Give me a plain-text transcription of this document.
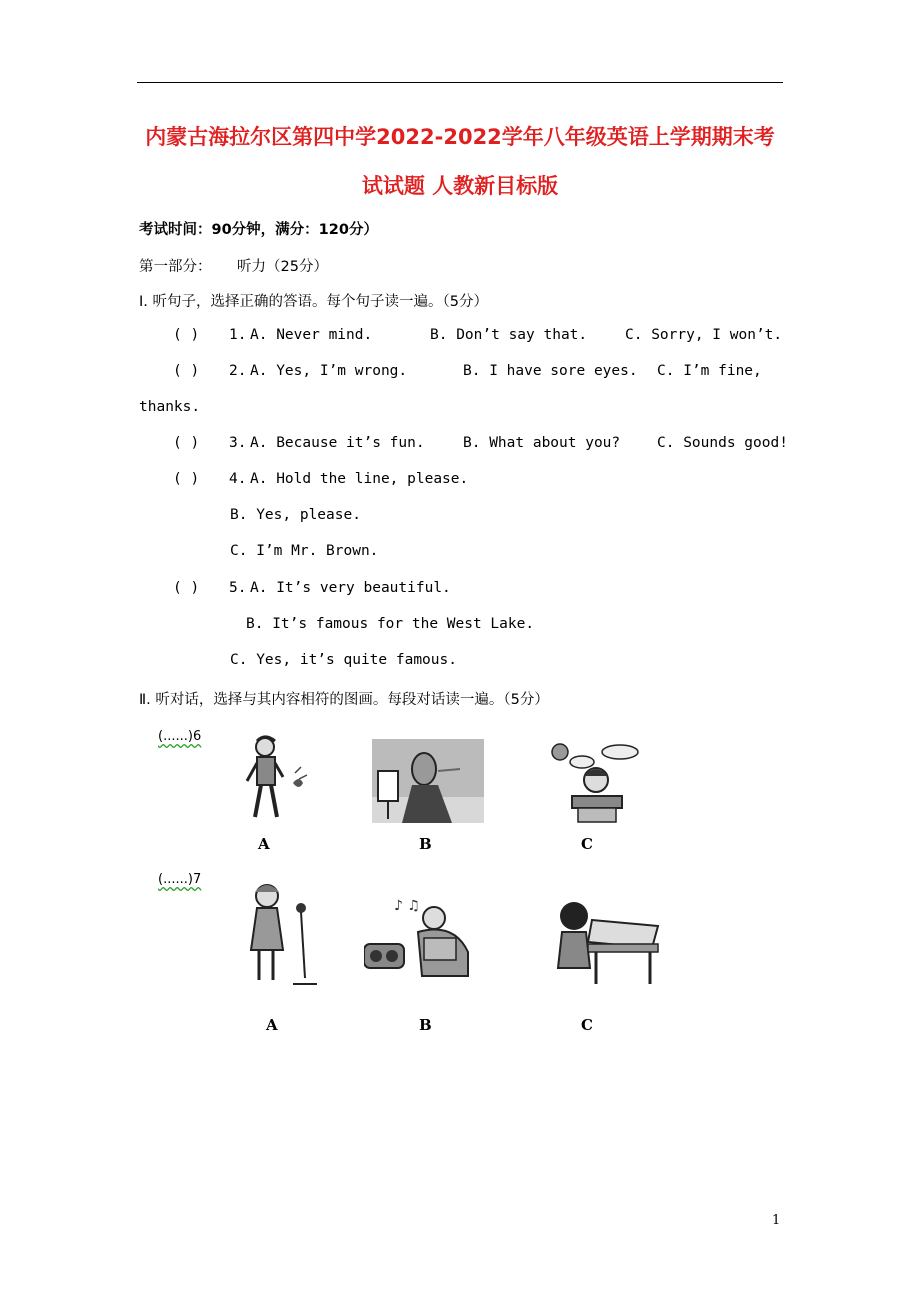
内蒙古海拉尔区第四中学2022-2022学年八年级英语上学期期末考
试试题 人教新目标版
考试时间：90分钟，满分：120分）
第一部分： 听力（25分）
Ⅰ. 听句子，选择正确的答语。每个句子读一遍。（5分）
( ) 1. A. Never mind.	B. Don’t say that.	C. Sorry, I won’t.
( ) 2. A. Yes, I’m wrong.	B. I have sore eyes. C. I’m fine,
thanks.
( ) 3. A. Because it’s fun.	B. What about you?	C. Sounds good!
( ) 4. A. Hold the line, please.
B. Yes, please.
C. I’m Mr. Brown.
( ) 5. A. It’s very beautiful.
B. It’s famous for the West Lake.
C. Yes, it’s quite famous.
Ⅱ. 听对话，选择与其内容相符的图画。每段对话读一遍。（5分）
(......)6
A	B	C
(......)7
♪ ♫
A	B	C
1
